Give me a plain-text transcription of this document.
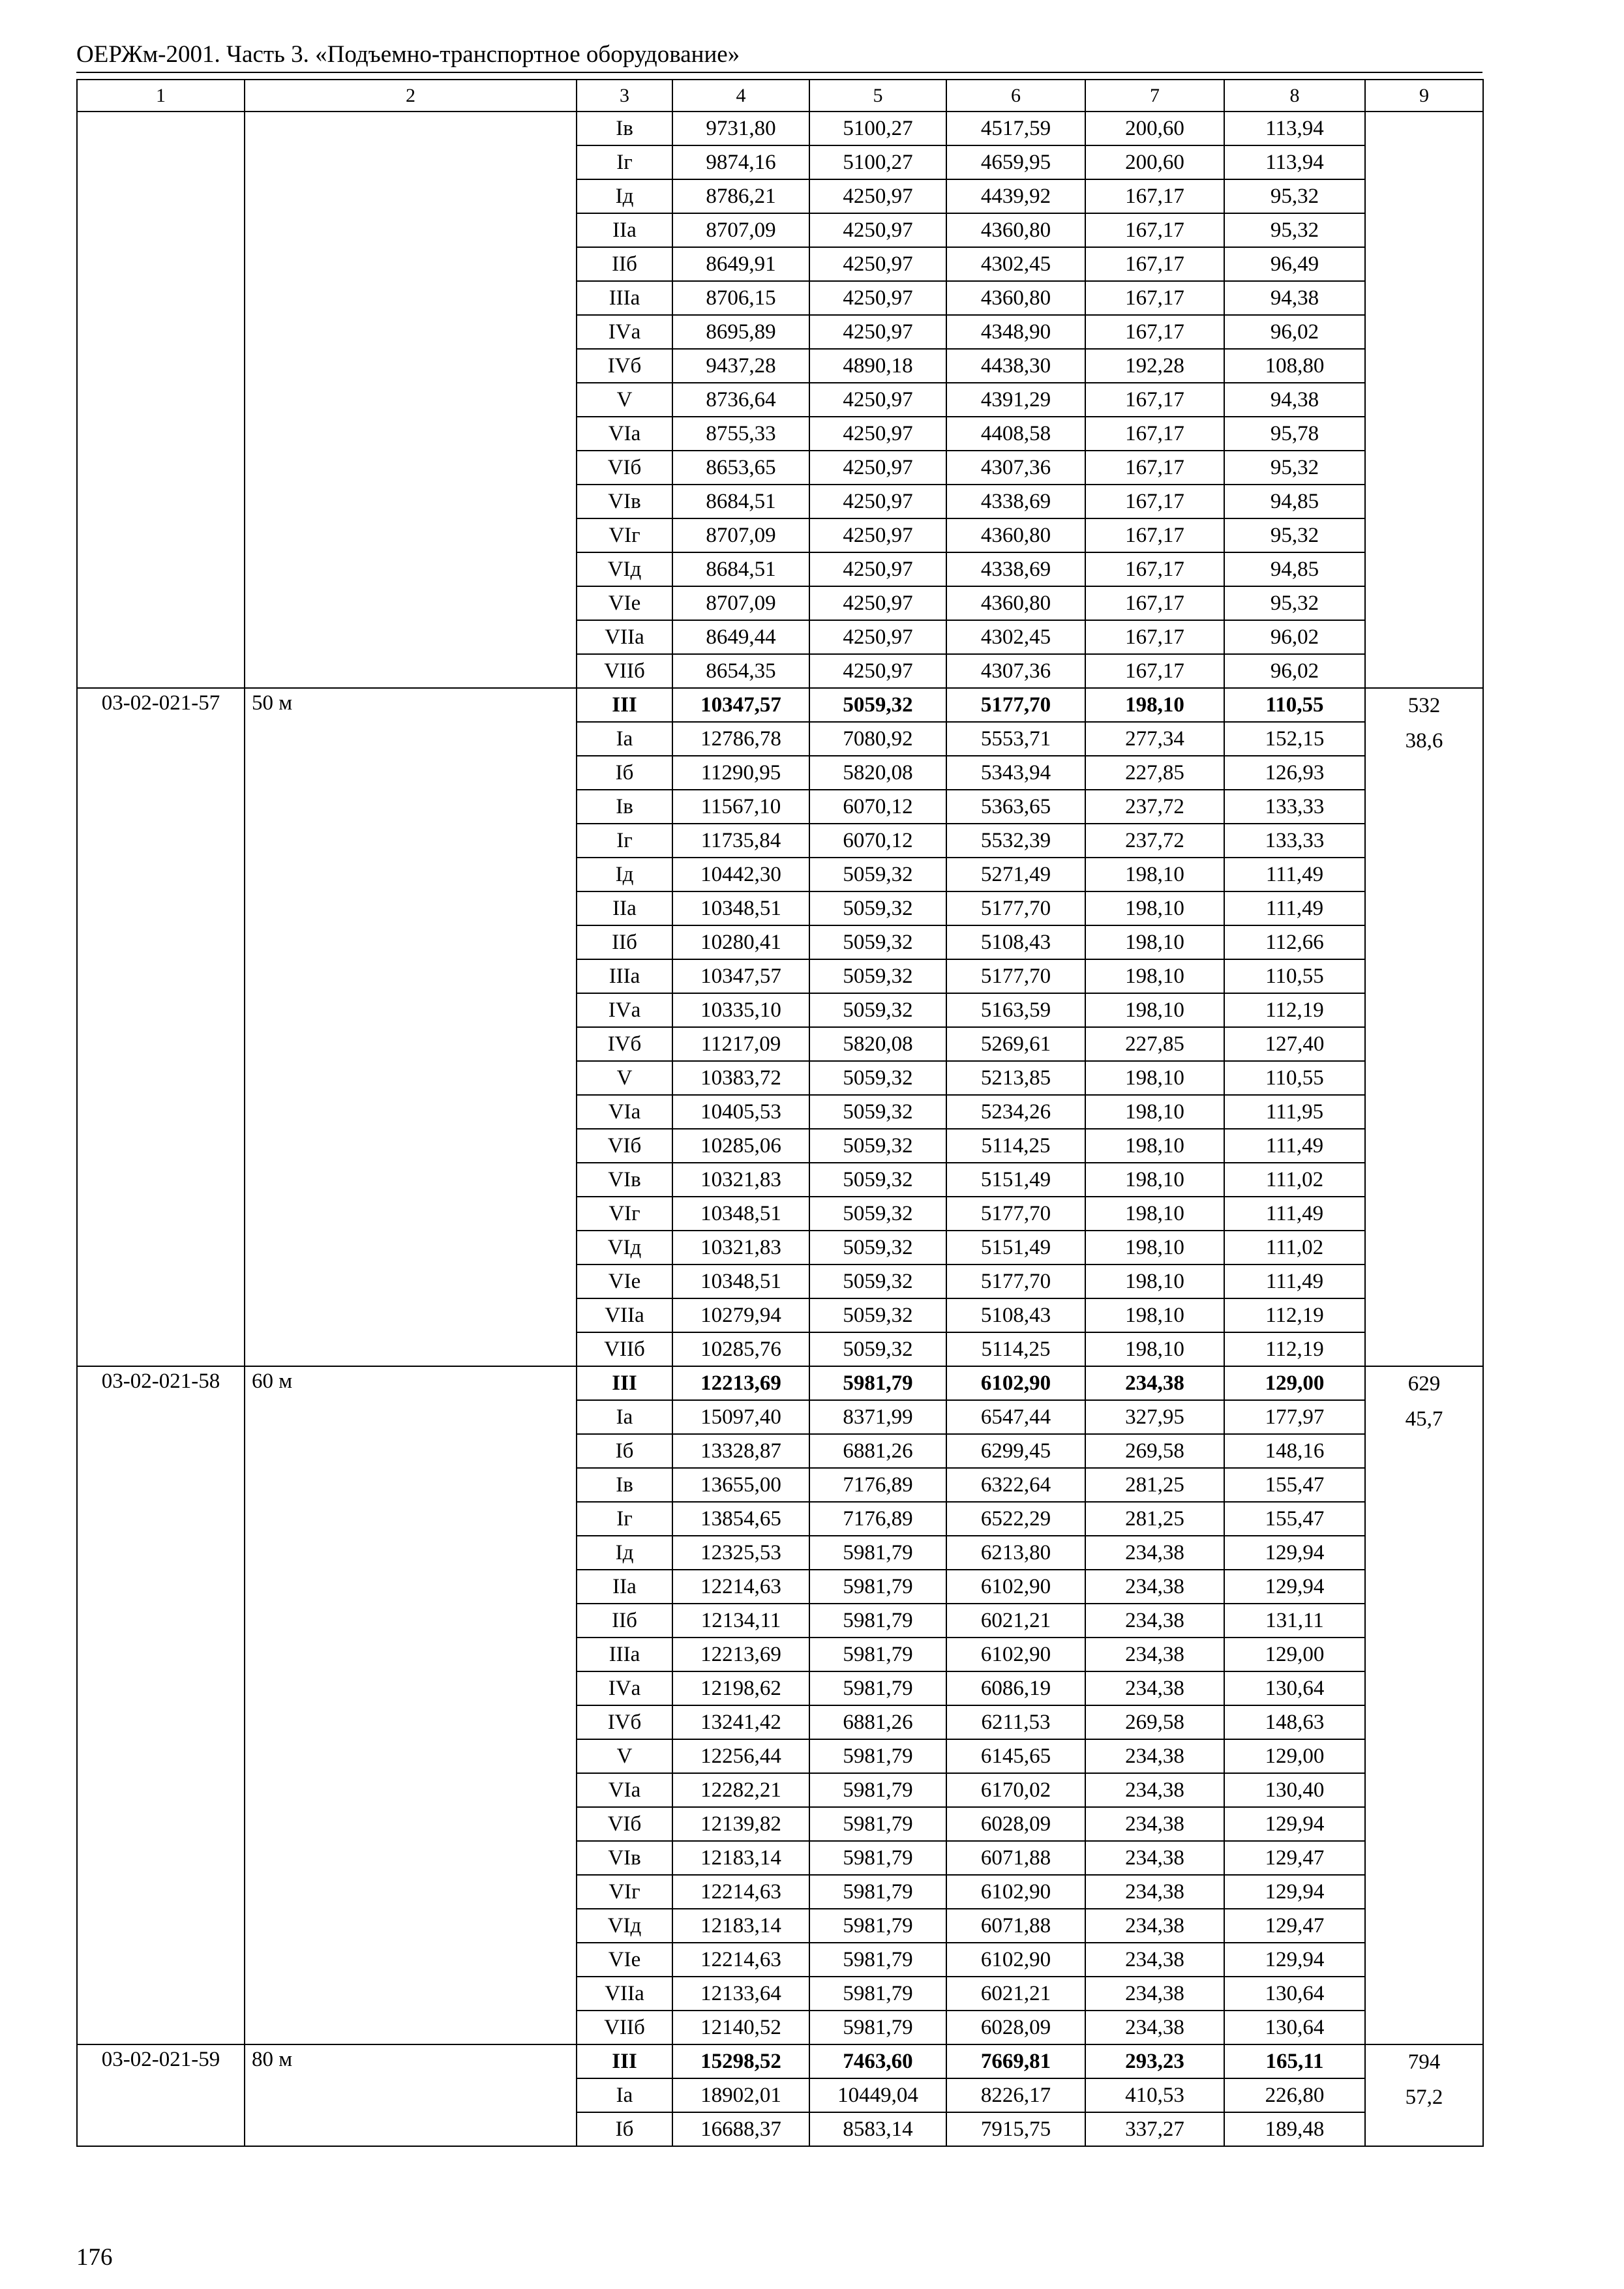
ОЕРЖм-2001. Часть 3. «Подъемно-транспортное оборудование»
1	2	3	4	5	6	7	8	9
		Iв	9731,80	5100,27	4517,59	200,60	113,94	
		Iг	9874,16	5100,27	4659,95	200,60	113,94	
		Iд	8786,21	4250,97	4439,92	167,17	95,32	
		IIа	8707,09	4250,97	4360,80	167,17	95,32	
		IIб	8649,91	4250,97	4302,45	167,17	96,49	
		IIIа	8706,15	4250,97	4360,80	167,17	94,38	
		IVа	8695,89	4250,97	4348,90	167,17	96,02	
		IVб	9437,28	4890,18	4438,30	192,28	108,80	
		V	8736,64	4250,97	4391,29	167,17	94,38	
		VIа	8755,33	4250,97	4408,58	167,17	95,78	
		VIб	8653,65	4250,97	4307,36	167,17	95,32	
		VIв	8684,51	4250,97	4338,69	167,17	94,85	
		VIг	8707,09	4250,97	4360,80	167,17	95,32	
		VIд	8684,51	4250,97	4338,69	167,17	94,85	
		VIе	8707,09	4250,97	4360,80	167,17	95,32	
		VIIа	8649,44	4250,97	4302,45	167,17	96,02	
		VIIб	8654,35	4250,97	4307,36	167,17	96,02	
03-02-021-57	50 м	III	10347,57	5059,32	5177,70	198,10	110,55	532
38,6

		Iа	12786,78	7080,92	5553,71	277,34	152,15	
		Iб	11290,95	5820,08	5343,94	227,85	126,93	
		Iв	11567,10	6070,12	5363,65	237,72	133,33	
		Iг	11735,84	6070,12	5532,39	237,72	133,33	
		Iд	10442,30	5059,32	5271,49	198,10	111,49	
		IIа	10348,51	5059,32	5177,70	198,10	111,49	
		IIб	10280,41	5059,32	5108,43	198,10	112,66	
		IIIа	10347,57	5059,32	5177,70	198,10	110,55	
		IVа	10335,10	5059,32	5163,59	198,10	112,19	
		IVб	11217,09	5820,08	5269,61	227,85	127,40	
		V	10383,72	5059,32	5213,85	198,10	110,55	
		VIа	10405,53	5059,32	5234,26	198,10	111,95	
		VIб	10285,06	5059,32	5114,25	198,10	111,49	
		VIв	10321,83	5059,32	5151,49	198,10	111,02	
		VIг	10348,51	5059,32	5177,70	198,10	111,49	
		VIд	10321,83	5059,32	5151,49	198,10	111,02	
		VIе	10348,51	5059,32	5177,70	198,10	111,49	
		VIIа	10279,94	5059,32	5108,43	198,10	112,19	
		VIIб	10285,76	5059,32	5114,25	198,10	112,19	
03-02-021-58	60 м	III	12213,69	5981,79	6102,90	234,38	129,00	629
45,7

		Iа	15097,40	8371,99	6547,44	327,95	177,97	
		Iб	13328,87	6881,26	6299,45	269,58	148,16	
		Iв	13655,00	7176,89	6322,64	281,25	155,47	
		Iг	13854,65	7176,89	6522,29	281,25	155,47	
		Iд	12325,53	5981,79	6213,80	234,38	129,94	
		IIа	12214,63	5981,79	6102,90	234,38	129,94	
		IIб	12134,11	5981,79	6021,21	234,38	131,11	
		IIIа	12213,69	5981,79	6102,90	234,38	129,00	
		IVа	12198,62	5981,79	6086,19	234,38	130,64	
		IVб	13241,42	6881,26	6211,53	269,58	148,63	
		V	12256,44	5981,79	6145,65	234,38	129,00	
		VIа	12282,21	5981,79	6170,02	234,38	130,40	
		VIб	12139,82	5981,79	6028,09	234,38	129,94	
		VIв	12183,14	5981,79	6071,88	234,38	129,47	
		VIг	12214,63	5981,79	6102,90	234,38	129,94	
		VIд	12183,14	5981,79	6071,88	234,38	129,47	
		VIе	12214,63	5981,79	6102,90	234,38	129,94	
		VIIа	12133,64	5981,79	6021,21	234,38	130,64	
		VIIб	12140,52	5981,79	6028,09	234,38	130,64	
03-02-021-59	80 м	III	15298,52	7463,60	7669,81	293,23	165,11	794
57,2

		Iа	18902,01	10449,04	8226,17	410,53	226,80	
		Iб	16688,37	8583,14	7915,75	337,27	189,48	
176
